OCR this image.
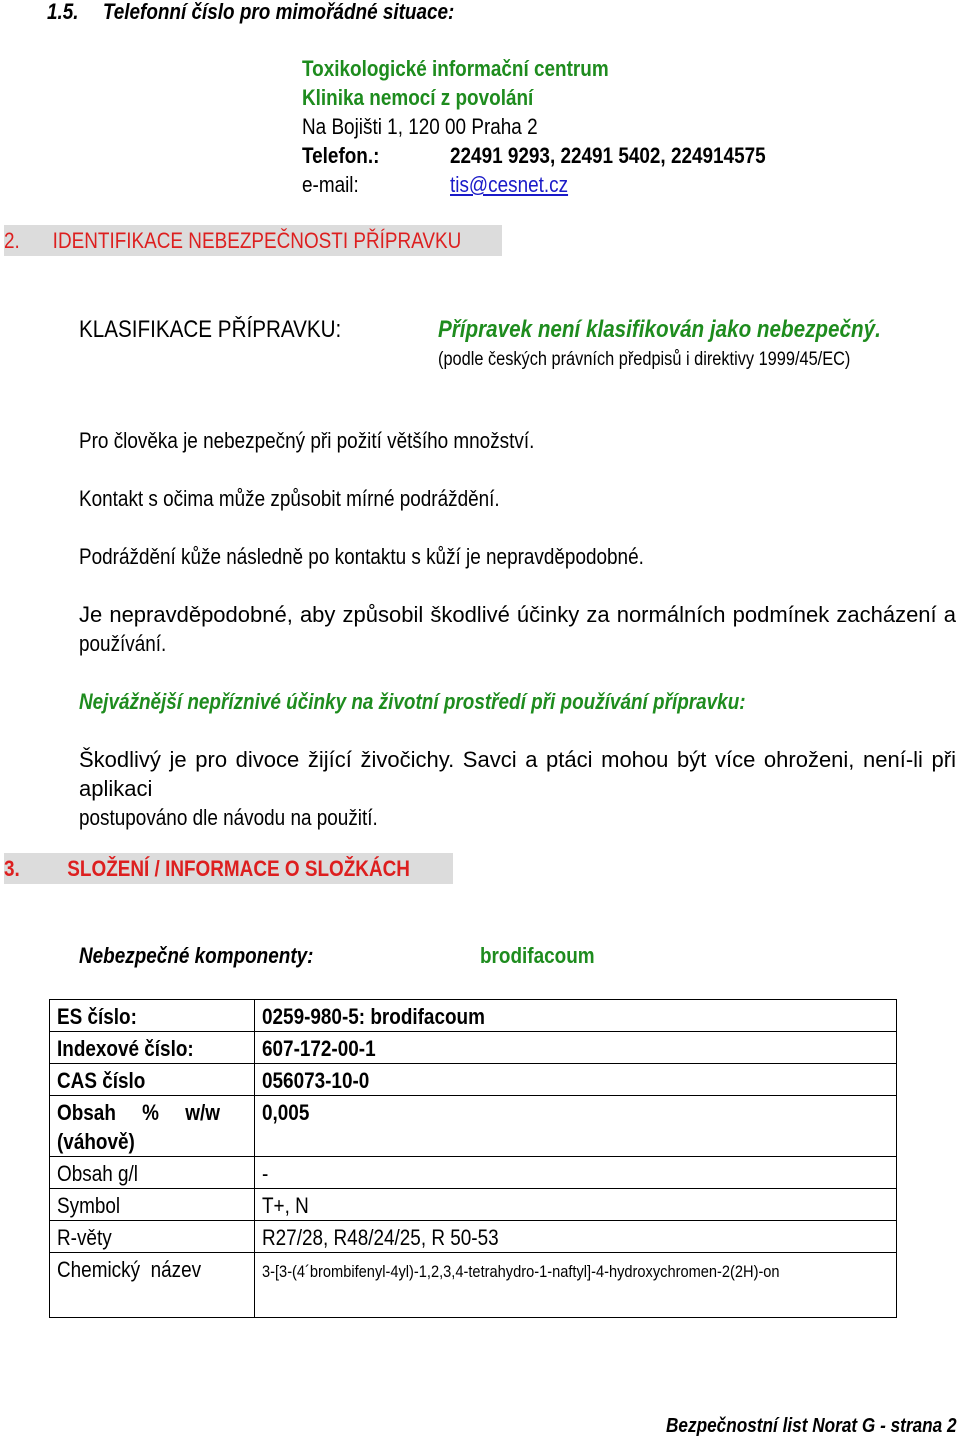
1.5. Telefonní číslo pro mimořádné situace:
Toxikologické informační centrum
Klinika nemocí z povolání
Na Bojišti 1, 120 00 Praha 2
Telefon.:	22491 9293, 22491 5402, 224914575
e-mail:	tis@cesnet.cz
2. IDENTIFIKACE NEBEZPEČNOSTI PŘÍPRAVKU
KLASIFIKACE PŘÍPRAVKU:	Přípravek není klasifikován jako nebezpečný.
(podle českých právních předpisů i direktivy 1999/45/EC)
Pro člověka je nebezpečný při požití většího množství.
Kontakt s očima může způsobit mírné podráždění.
Podráždění kůže následně po kontaktu s kůží je nepravděpodobné.
Je nepravděpodobné, aby způsobil škodlivé účinky za normálních podmínek zacházení a
používání.
Nejvážnější nepříznivé účinky na životní prostředí při používání přípravku:
Škodlivý je pro divoce žijící živočichy. Savci a ptáci mohou být více ohroženi, není-li při aplikaci
postupováno dle návodu na použití.
3. SLOŽENÍ / INFORMACE O SLOŽKÁCH
Nebezpečné komponenty:	brodifacoum
ES číslo:	0259-980-5: brodifacoum
Indexové číslo:	607-172-00-1
CAS číslo	056073-10-0
Obsah     %     w/w
(váhově)	0,005
Obsah g/l	-
Symbol	T+, N
R-věty	R27/28, R48/24/25, R 50-53
Chemický  název	3-[3-(4´brombifenyl-4yl)-1,2,3,4-tetrahydro-1-naftyl]-4-hydroxychromen-2(2H)-on
Bezpečnostní list Norat G - strana 2
